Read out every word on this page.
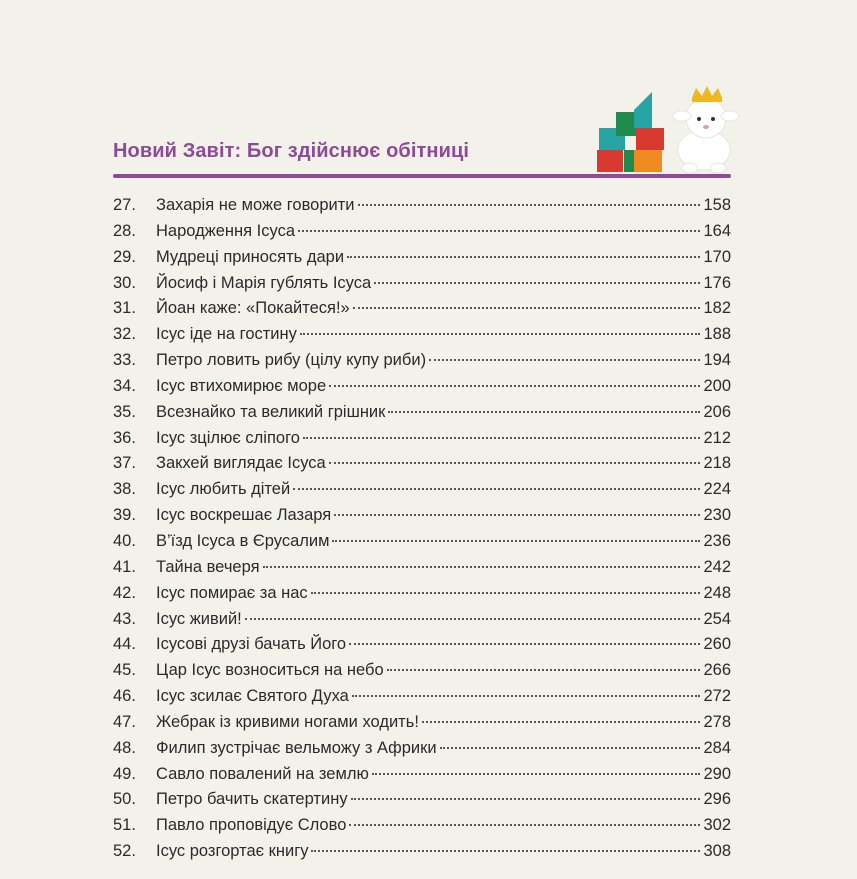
Новий Завіт: Бог здійснює обітниці
27.	Захарія не може говорити	158
28.	Народження Ісуса	164
29.	Мудреці приносять дари	170
30.	Йосиф і Марія гублять Ісуса	176
31.	Йоан каже: «Покайтеся!»	182
32.	Ісус іде на гостину	188
33.	Петро ловить рибу (цілу купу риби)	194
34.	Ісус втихомирює море	200
35.	Всезнайко та великий грішник	206
36.	Ісус зцілює сліпого	212
37.	Закхей виглядає Ісуса	218
38.	Ісус любить дітей	224
39.	Ісус воскрешає Лазаря	230
40.	В’їзд Ісуса в Єрусалим	236
41.	Тайна вечеря	242
42.	Ісус помирає за нас	248
43.	Ісус живий!	254
44.	Ісусові друзі бачать Його	260
45.	Цар Ісус возноситься на небо	266
46.	Ісус зсилає Святого Духа	272
47.	Жебрак із кривими ногами ходить!	278
48.	Филип зустрічає вельможу з Африки	284
49.	Савло повалений на землю	290
50.	Петро бачить скатертину	296
51.	Павло проповідує Слово	302
52.	Ісус розгортає книгу	308
